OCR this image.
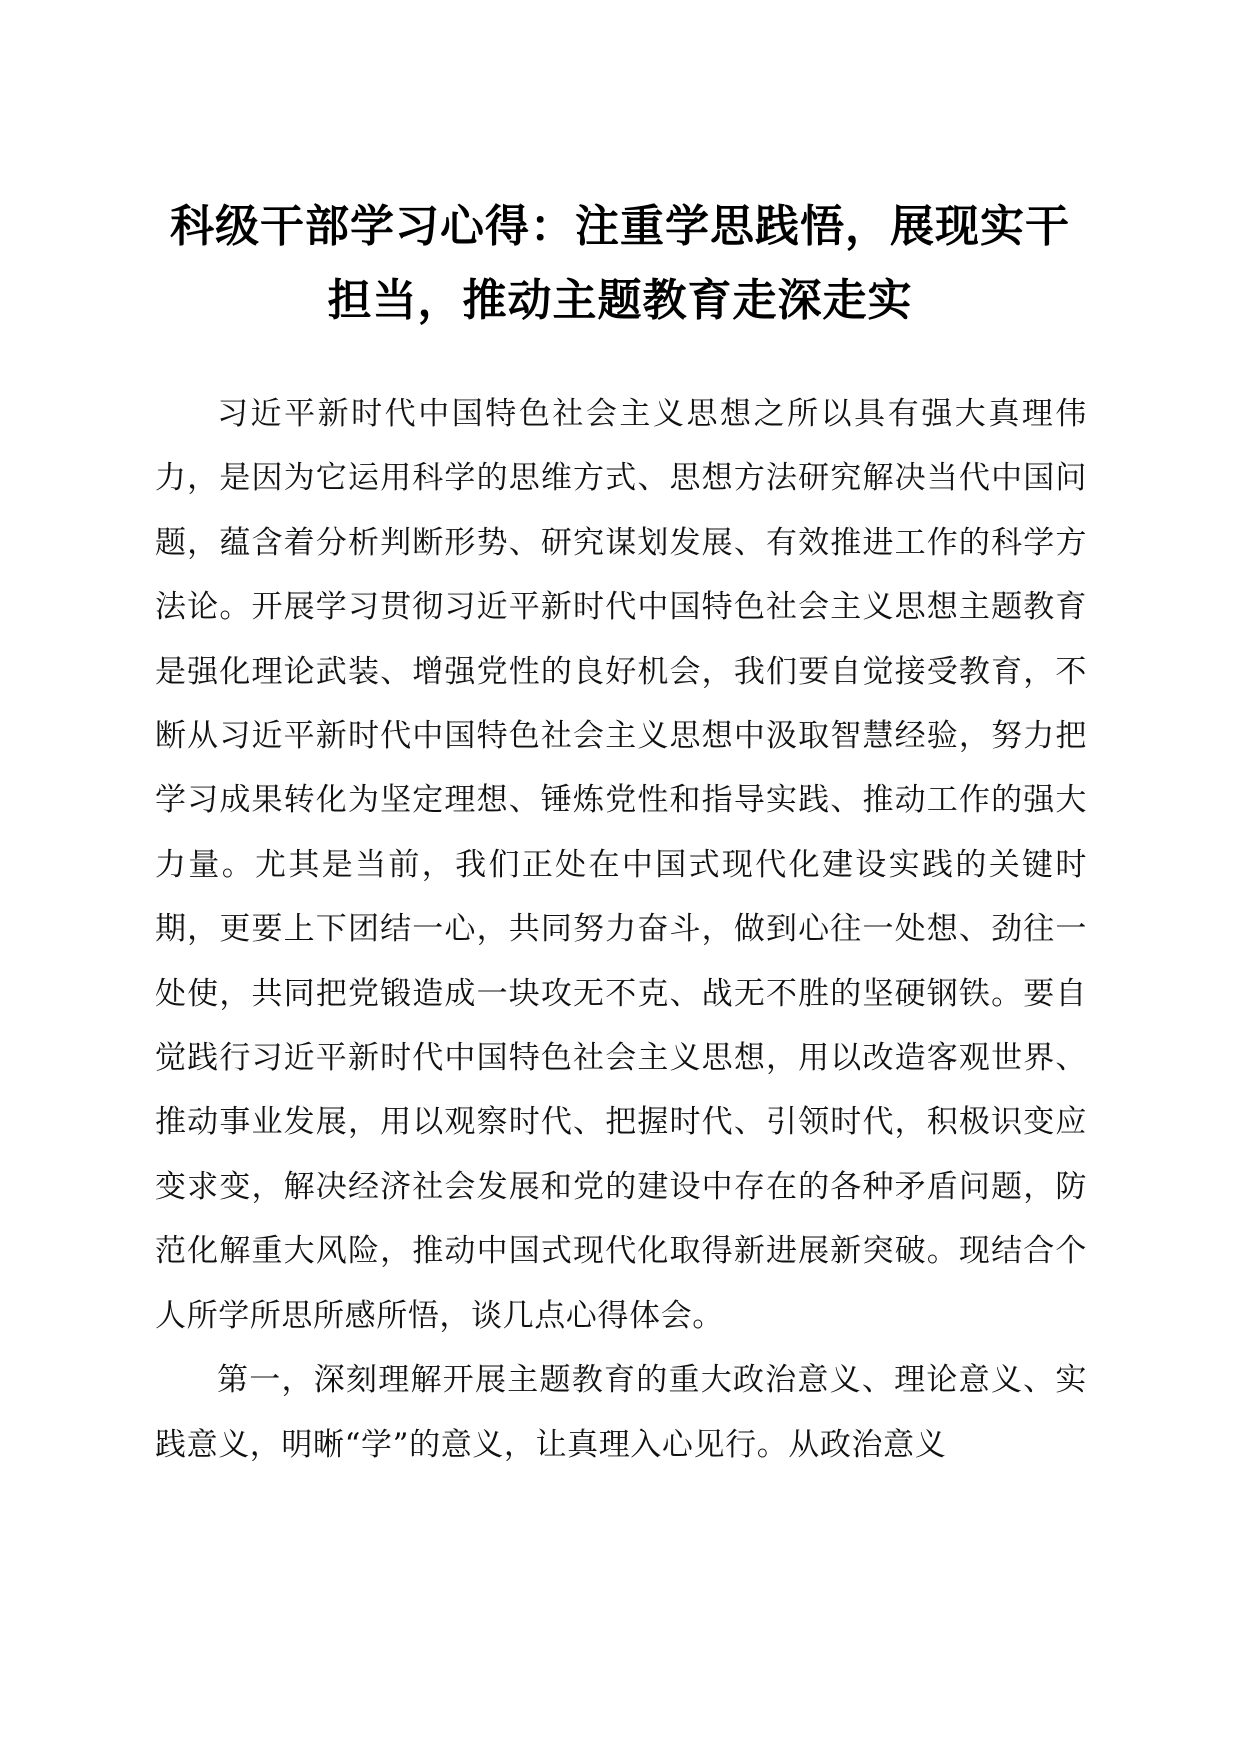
科级干部学习心得：注重学思践悟，展现实干担当，推动主题教育走深走实

习近平新时代中国特色社会主义思想之所以具有强大真理伟力，是因为它运用科学的思维方式、思想方法研究解决当代中国问题，蕴含着分析判断形势、研究谋划发展、有效推进工作的科学方法论。开展学习贯彻习近平新时代中国特色社会主义思想主题教育是强化理论武装、增强党性的良好机会，我们要自觉接受教育，不断从习近平新时代中国特色社会主义思想中汲取智慧经验，努力把学习成果转化为坚定理想、锤炼党性和指导实践、推动工作的强大力量。尤其是当前，我们正处在中国式现代化建设实践的关键时期，更要上下团结一心，共同努力奋斗，做到心往一处想、劲往一处使，共同把党锻造成一块攻无不克、战无不胜的坚硬钢铁。要自觉践行习近平新时代中国特色社会主义思想，用以改造客观世界、推动事业发展，用以观察时代、把握时代、引领时代，积极识变应变求变，解决经济社会发展和党的建设中存在的各种矛盾问题，防范化解重大风险，推动中国式现代化取得新进展新突破。现结合个人所学所思所感所悟，谈几点心得体会。

第一，深刻理解开展主题教育的重大政治意义、理论意义、实践意义，明晰“学”的意义，让真理入心见行。从政治意义
